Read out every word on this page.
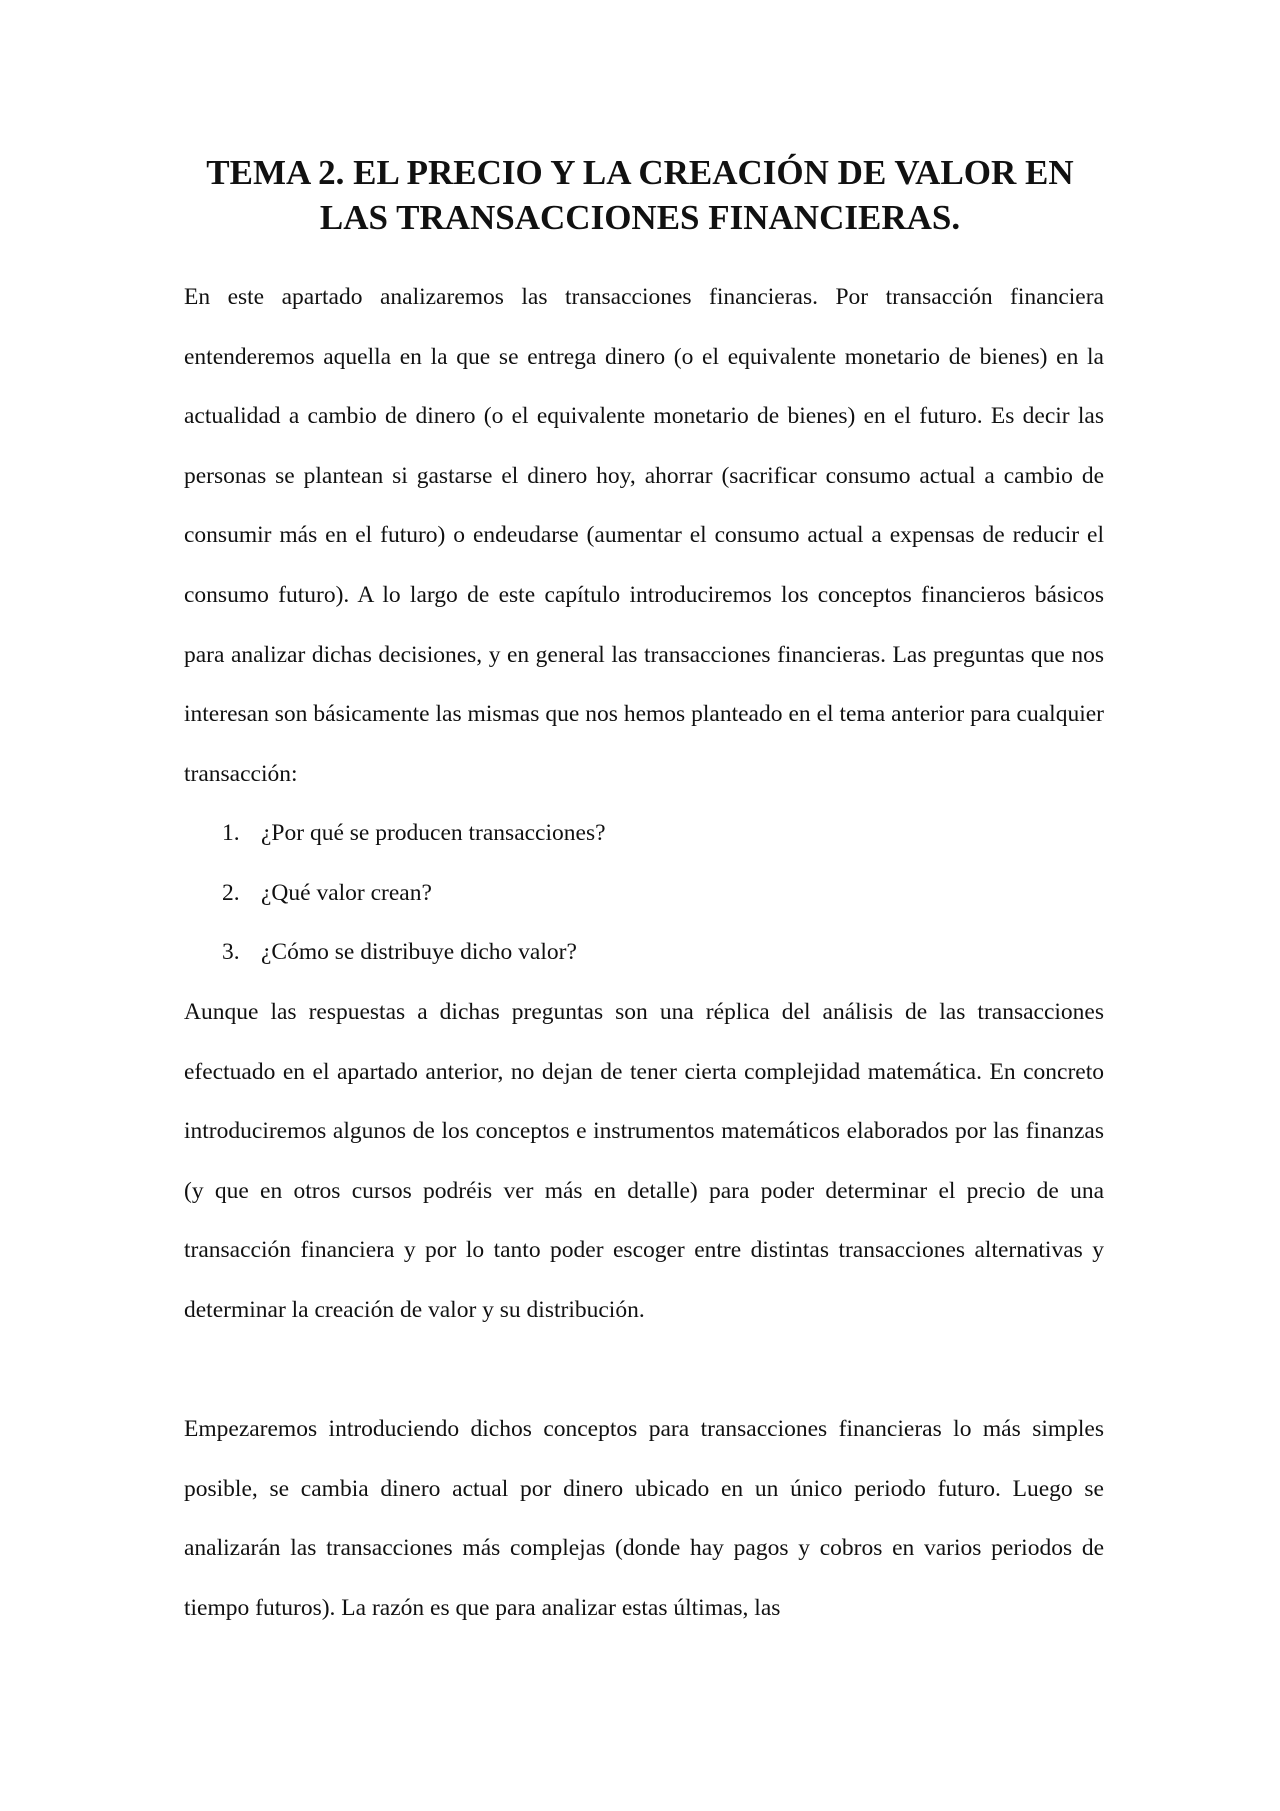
TEMA 2. EL PRECIO Y LA CREACIÓN DE VALOR EN
LAS TRANSACCIONES FINANCIERAS.

En este apartado analizaremos las transacciones financieras. Por transacción financiera entenderemos aquella en la que se entrega dinero (o el equivalente monetario de bienes) en la actualidad a cambio de dinero (o el equivalente monetario de bienes) en el futuro. Es decir las personas se plantean si gastarse el dinero hoy, ahorrar (sacrificar consumo actual a cambio de consumir más en el futuro) o endeudarse (aumentar el consumo actual a expensas de reducir el consumo futuro). A lo largo de este capítulo introduciremos los conceptos financieros básicos para analizar dichas decisiones, y en general las transacciones financieras. Las preguntas que nos interesan son básicamente las mismas que nos hemos planteado en el tema anterior para cualquier transacción:

1. ¿Por qué se producen transacciones?
2. ¿Qué valor crean?
3. ¿Cómo se distribuye dicho valor?

Aunque las respuestas a dichas preguntas son una réplica del análisis de las transacciones efectuado en el apartado anterior, no dejan de tener cierta complejidad matemática. En concreto introduciremos algunos de los conceptos e instrumentos matemáticos elaborados por las finanzas (y que en otros cursos podréis ver más en detalle) para poder determinar el precio de una transacción financiera y por lo tanto poder escoger entre distintas transacciones alternativas y determinar la creación de valor y su distribución.

Empezaremos introduciendo dichos conceptos para transacciones financieras lo más simples posible, se cambia dinero actual por dinero ubicado en un único periodo futuro. Luego se analizarán las transacciones más complejas (donde hay pagos y cobros en varios periodos de tiempo futuros). La razón es que para analizar estas últimas, las
